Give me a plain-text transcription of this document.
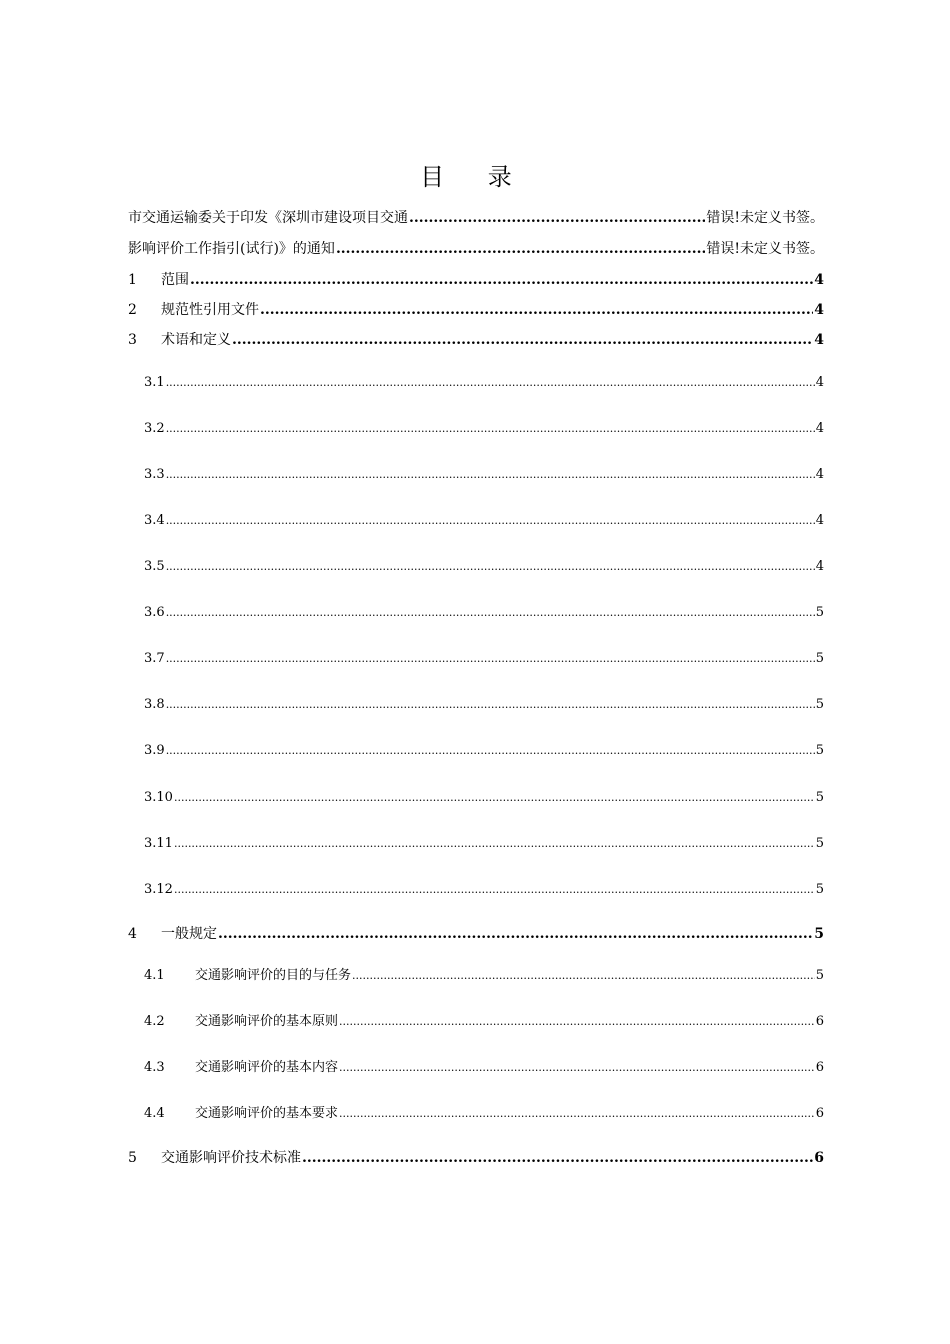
目 录
市交通运输委关于印发《深圳市建设项目交通 .....	错误!未定义书签。
影响评价工作指引(试行)》的通知 .....	错误!未定义书签。
1	范围 .....	4
2	规范性引用文件 .....	4
3	术语和定义 .....	4
3.1 .....	4
3.2 .....	4
3.3 .....	4
3.4 .....	4
3.5 .....	4
3.6 .....	5
3.7 .....	5
3.8 .....	5
3.9 .....	5
3.10 .....	5
3.11 .....	5
3.12 .....	5
4	一般规定 .....	5
4.1	交通影响评价的目的与任务 .....	5
4.2	交通影响评价的基本原则 .....	6
4.3	交通影响评价的基本内容 .....	6
4.4	交通影响评价的基本要求 .....	6
5	交通影响评价技术标准 .....	6
